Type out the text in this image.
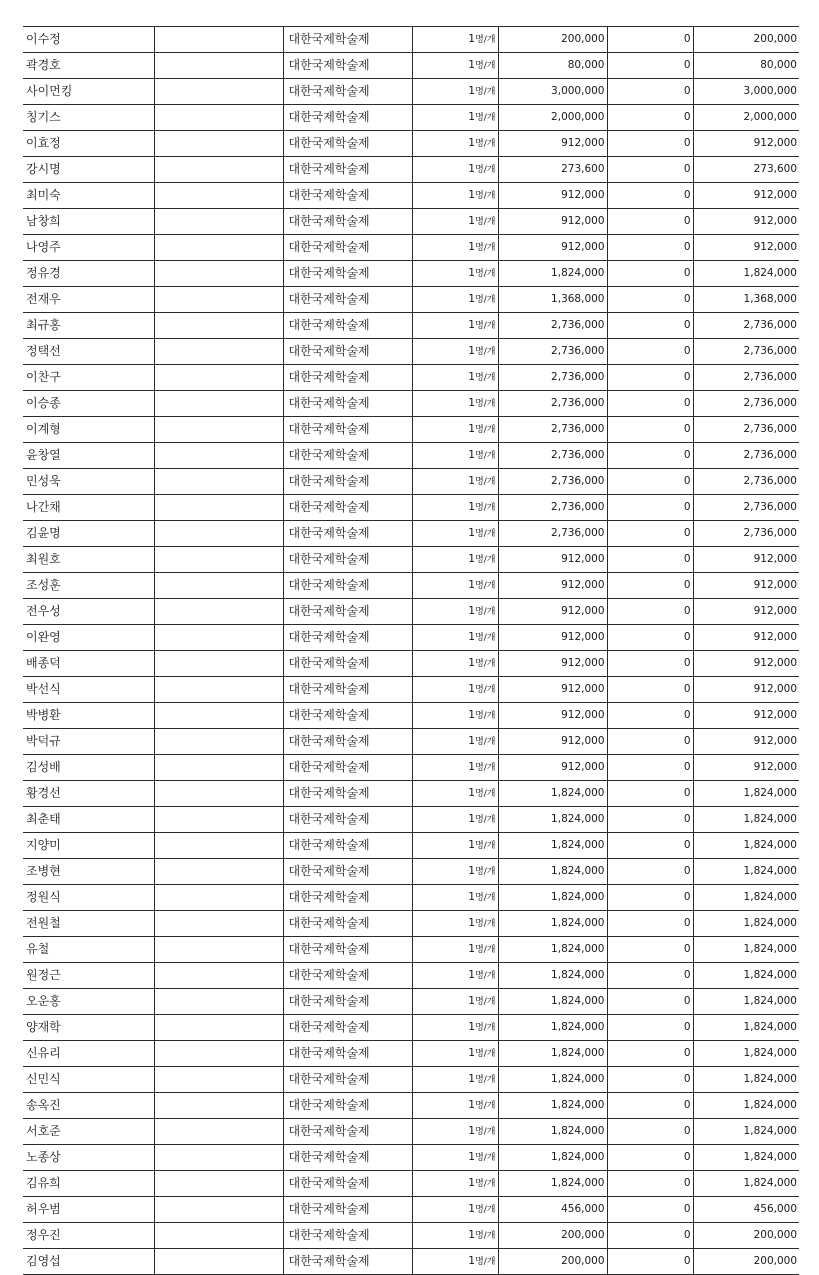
이수정		대한국제학술제	1명/개	200,000	0	200,000
곽경호		대한국제학술제	1명/개	80,000	0	80,000
사이먼킹		대한국제학술제	1명/개	3,000,000	0	3,000,000
칭기스		대한국제학술제	1명/개	2,000,000	0	2,000,000
이효정		대한국제학술제	1명/개	912,000	0	912,000
강시명		대한국제학술제	1명/개	273,600	0	273,600
최미숙		대한국제학술제	1명/개	912,000	0	912,000
남창희		대한국제학술제	1명/개	912,000	0	912,000
나영주		대한국제학술제	1명/개	912,000	0	912,000
정유경		대한국제학술제	1명/개	1,824,000	0	1,824,000
전재우		대한국제학술제	1명/개	1,368,000	0	1,368,000
최규홍		대한국제학술제	1명/개	2,736,000	0	2,736,000
정택선		대한국제학술제	1명/개	2,736,000	0	2,736,000
이찬구		대한국제학술제	1명/개	2,736,000	0	2,736,000
이승종		대한국제학술제	1명/개	2,736,000	0	2,736,000
이계형		대한국제학술제	1명/개	2,736,000	0	2,736,000
윤창열		대한국제학술제	1명/개	2,736,000	0	2,736,000
민성욱		대한국제학술제	1명/개	2,736,000	0	2,736,000
나간채		대한국제학술제	1명/개	2,736,000	0	2,736,000
김윤명		대한국제학술제	1명/개	2,736,000	0	2,736,000
최원호		대한국제학술제	1명/개	912,000	0	912,000
조성훈		대한국제학술제	1명/개	912,000	0	912,000
전우성		대한국제학술제	1명/개	912,000	0	912,000
이완영		대한국제학술제	1명/개	912,000	0	912,000
배종덕		대한국제학술제	1명/개	912,000	0	912,000
박선식		대한국제학술제	1명/개	912,000	0	912,000
박병환		대한국제학술제	1명/개	912,000	0	912,000
박덕규		대한국제학술제	1명/개	912,000	0	912,000
김성배		대한국제학술제	1명/개	912,000	0	912,000
황경선		대한국제학술제	1명/개	1,824,000	0	1,824,000
최춘태		대한국제학술제	1명/개	1,824,000	0	1,824,000
지양미		대한국제학술제	1명/개	1,824,000	0	1,824,000
조병현		대한국제학술제	1명/개	1,824,000	0	1,824,000
정원식		대한국제학술제	1명/개	1,824,000	0	1,824,000
전원철		대한국제학술제	1명/개	1,824,000	0	1,824,000
유철		대한국제학술제	1명/개	1,824,000	0	1,824,000
원정근		대한국제학술제	1명/개	1,824,000	0	1,824,000
오운홍		대한국제학술제	1명/개	1,824,000	0	1,824,000
양재학		대한국제학술제	1명/개	1,824,000	0	1,824,000
신유리		대한국제학술제	1명/개	1,824,000	0	1,824,000
신민식		대한국제학술제	1명/개	1,824,000	0	1,824,000
송옥진		대한국제학술제	1명/개	1,824,000	0	1,824,000
서호준		대한국제학술제	1명/개	1,824,000	0	1,824,000
노종상		대한국제학술제	1명/개	1,824,000	0	1,824,000
김유희		대한국제학술제	1명/개	1,824,000	0	1,824,000
허우범		대한국제학술제	1명/개	456,000	0	456,000
정우진		대한국제학술제	1명/개	200,000	0	200,000
김영섭		대한국제학술제	1명/개	200,000	0	200,000
